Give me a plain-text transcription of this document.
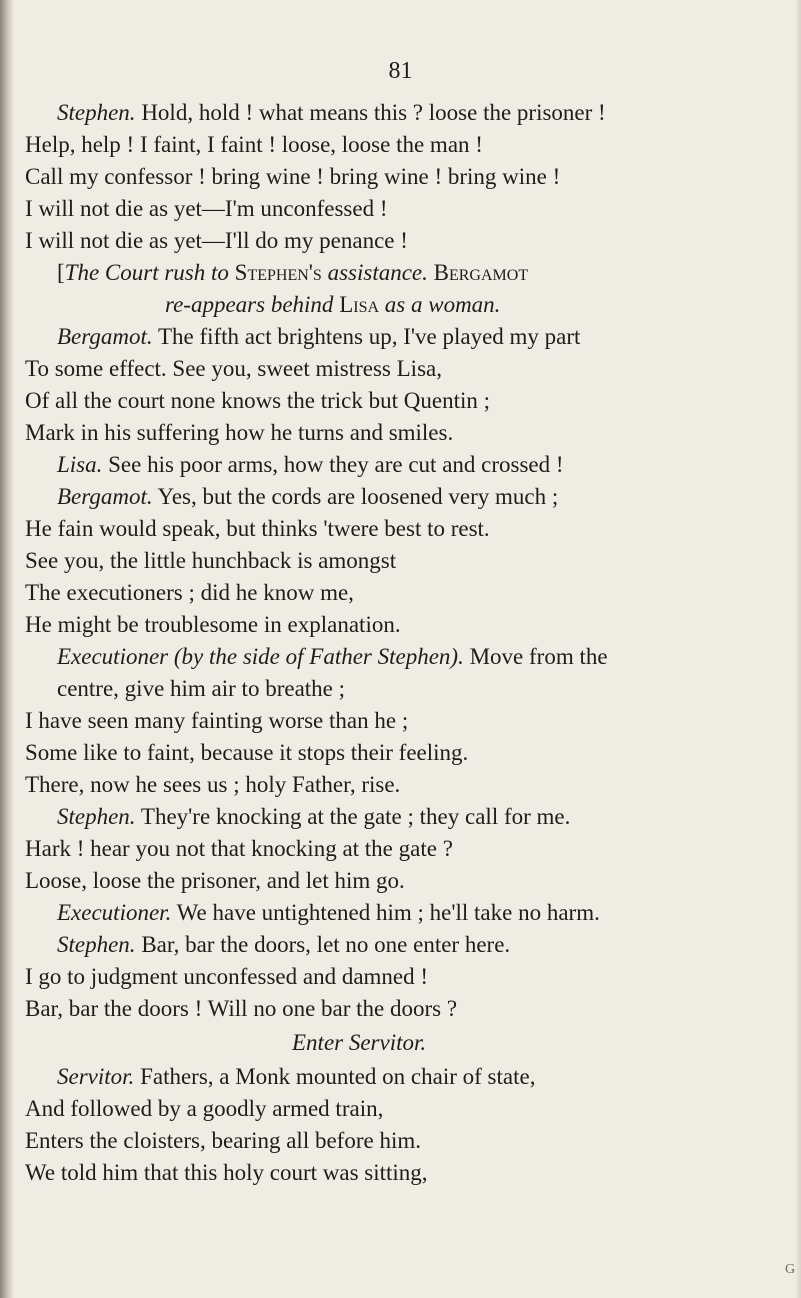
81
Stephen. Hold, hold ! what means this ? loose the prisoner !
Help, help ! I faint, I faint ! loose, loose the man !
Call my confessor ! bring wine ! bring wine ! bring wine !
I will not die as yet—I'm unconfessed !
I will not die as yet—I'll do my penance !
[The Court rush to Stephen's assistance. Bergamot
re-appears behind Lisa as a woman.
Bergamot. The fifth act brightens up, I've played my part
To some effect. See you, sweet mistress Lisa,
Of all the court none knows the trick but Quentin ;
Mark in his suffering how he turns and smiles.
Lisa. See his poor arms, how they are cut and crossed !
Bergamot. Yes, but the cords are loosened very much ;
He fain would speak, but thinks 'twere best to rest.
See you, the little hunchback is amongst
The executioners ; did he know me,
He might be troublesome in explanation.
Executioner (by the side of Father Stephen). Move from the
centre, give him air to breathe ;
I have seen many fainting worse than he ;
Some like to faint, because it stops their feeling.
There, now he sees us ; holy Father, rise.
Stephen. They're knocking at the gate ; they call for me.
Hark ! hear you not that knocking at the gate ?
Loose, loose the prisoner, and let him go.
Executioner. We have untightened him ; he'll take no harm.
Stephen. Bar, bar the doors, let no one enter here.
I go to judgment unconfessed and damned !
Bar, bar the doors ! Will no one bar the doors ?
Enter Servitor.
Servitor. Fathers, a Monk mounted on chair of state,
And followed by a goodly armed train,
Enters the cloisters, bearing all before him.
We told him that this holy court was sitting,
G
